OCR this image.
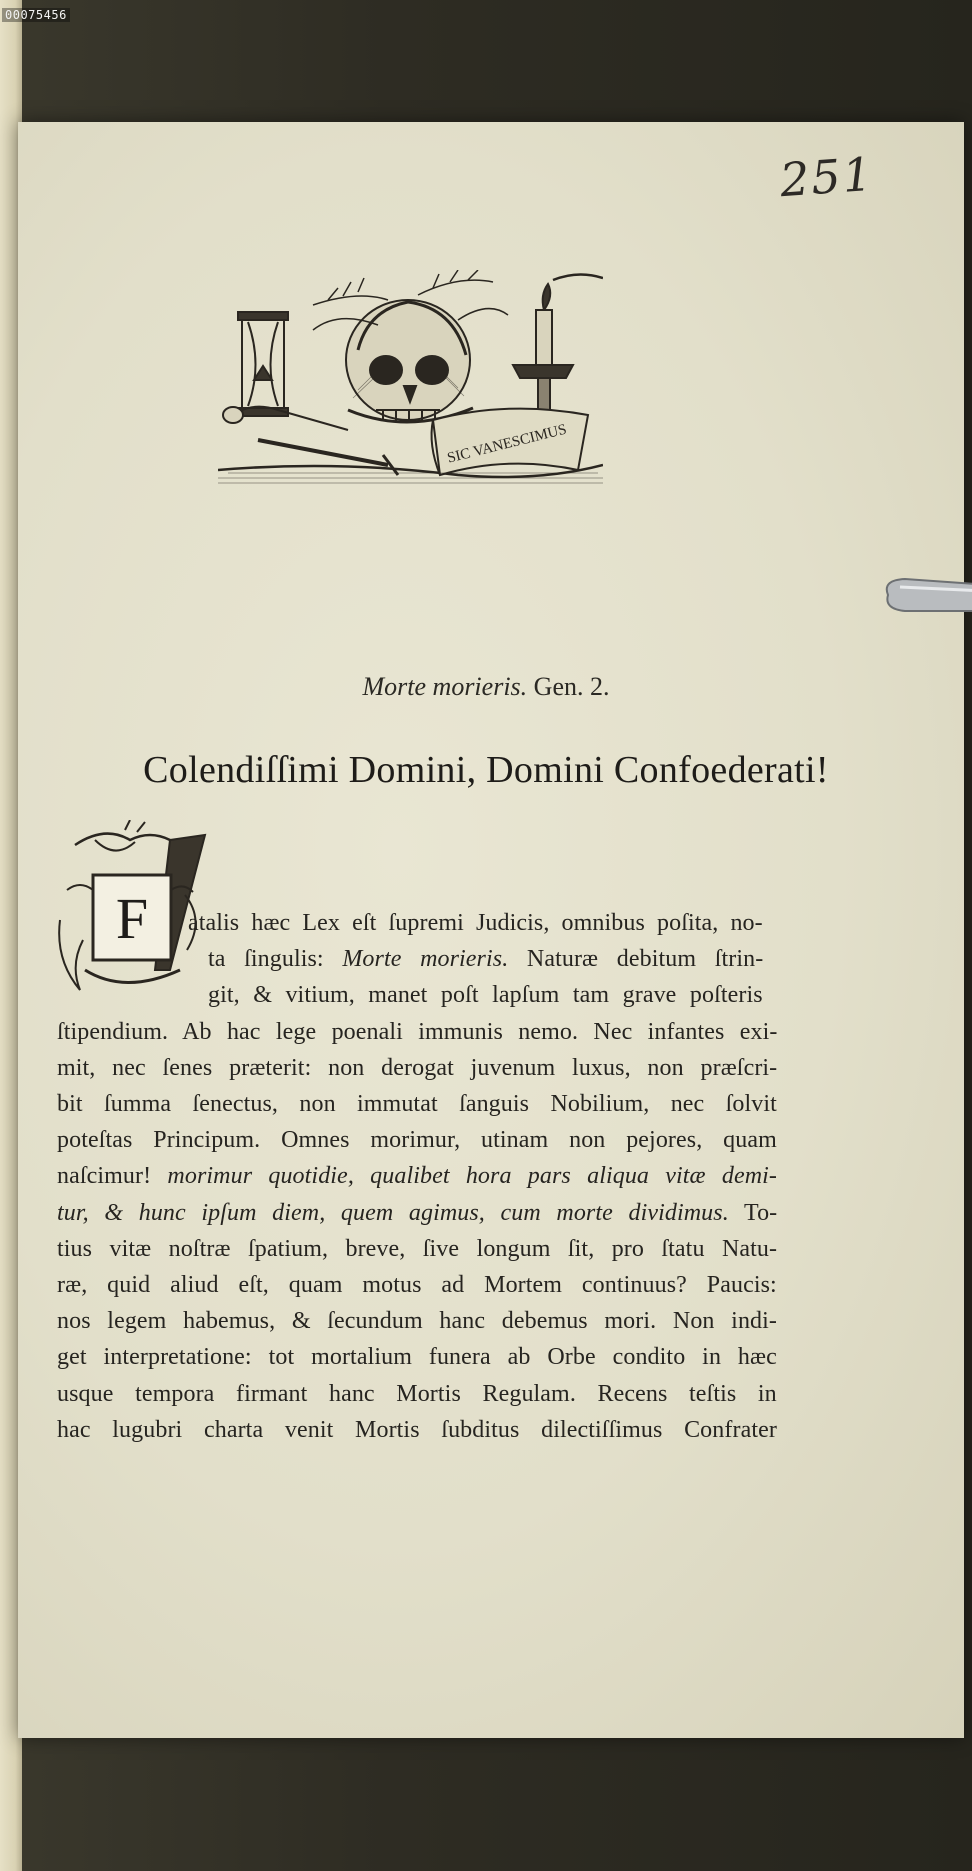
00075456
251
SIC VANESCIMUS
Morte morieris. Gen. 2.
Colendiſſimi Domini, Domini Confoederati!
F atalis hæc Lex eſt ſupremi Judicis, omnibus poſita, no-
ta ſingulis: Morte morieris. Naturæ debitum ſtrin-
git, & vitium, manet poſt lapſum tam grave poſteris
ſtipendium. Ab hac lege poenali immunis nemo. Nec infantes exi-
mit, nec ſenes præterit: non derogat juvenum luxus, non præſcri-
bit ſumma ſenectus, non immutat ſanguis Nobilium, nec ſolvit
poteſtas Principum. Omnes morimur, utinam non pejores, quam
naſcimur! morimur quotidie, qualibet hora pars aliqua vitæ demi-
tur, & hunc ipſum diem, quem agimus, cum morte dividimus. To-
tius vitæ noſtræ ſpatium, breve, ſive longum ſit, pro ſtatu Natu-
ræ, quid aliud eſt, quam motus ad Mortem continuus? Paucis:
nos legem habemus, & ſecundum hanc debemus mori. Non indi-
get interpretatione: tot mortalium funera ab Orbe condito in hæc
usque tempora firmant hanc Mortis Regulam. Recens teſtis in
hac lugubri charta venit Mortis ſubditus dilectiſſimus Confrater
